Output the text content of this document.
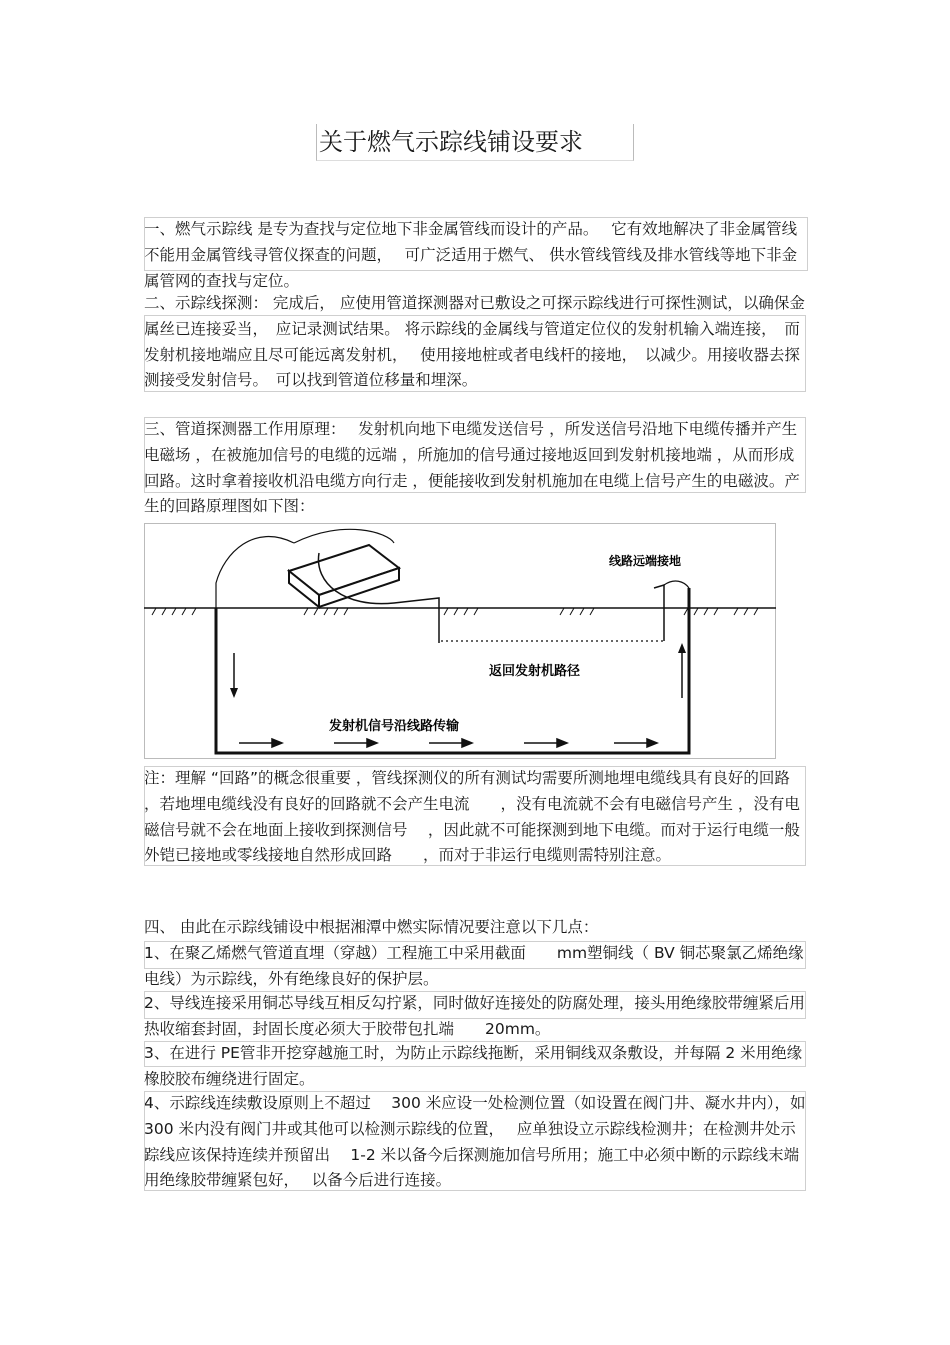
关于燃气示踪线铺设要求
一、燃气示踪线 是专为查找与定位地下非金属管线而设计的产品。　 它有效地解决了非金属管线不能用金属管线寻管仪探查的问题，　 可广泛适用于燃气、 供水管线管线及排水管线等地下非金属管网的查找与定位。
二、示踪线探测： 完成后， 应使用管道探测器对已敷设之可探示踪线进行可探性测试，以确保金属丝已连接妥当，　应记录测试结果。 将示踪线的金属线与管道定位仪的发射机输入端连接，　而发射机接地端应且尽可能远离发射机，　 使用接地桩或者电线杆的接地，　以减少。用接收器去探测接受发射信号。　可以找到管道位移量和埋深。
三、管道探测器工作用原理：　 发射机向地下电缆发送信号 ，所发送信号沿地下电缆传播并产生电磁场 ，在被施加信号的电缆的远端 ，所施加的信号通过接地返回到发射机接地端 ，从而形成回路。这时拿着接收机沿电缆方向行走 ，便能接收到发射机施加在电缆上信号产生的电磁波。产生的回路原理图如下图：
线路远端接地
返回发射机路径
发射机信号沿线路传输
注：理解 “回路”的概念很重要 ，管线探测仪的所有测试均需要所测地埋电缆线具有良好的回路 ，若地埋电缆线没有良好的回路就不会产生电流　　，没有电流就不会有电磁信号产生 ，没有电磁信号就不会在地面上接收到探测信号　 ，因此就不可能探测到地下电缆。而对于运行电缆一般外铠已接地或零线接地自然形成回路　　，而对于非运行电缆则需特别注意。
四、 由此在示踪线铺设中根据湘潭中燃实际情况要注意以下几点：
1、在聚乙烯燃气管道直埋（穿越）工程施工中采用截面　　mm塑铜线（ BV 铜芯聚氯乙烯绝缘电线）为示踪线，外有绝缘良好的保护层。
2、导线连接采用铜芯导线互相反勾拧紧，同时做好连接处的防腐处理，接头用绝缘胶带缠紧后用热收缩套封固，封固长度必须大于胶带包扎端　　20mm。
3、在进行 PE管非开挖穿越施工时，为防止示踪线拖断，采用铜线双条敷设，并每隔 2 米用绝缘橡胶胶布缠绕进行固定。
4、示踪线连续敷设原则上不超过　 300 米应设一处检测位置（如设置在阀门井、凝水井内），如 300 米内没有阀门井或其他可以检测示踪线的位置，　 应单独设立示踪线检测井；在检测井处示踪线应该保持连续并预留出　 1-2 米以备今后探测施加信号所用；施工中必须中断的示踪线末端用绝缘胶带缠紧包好，　 以备今后进行连接。
